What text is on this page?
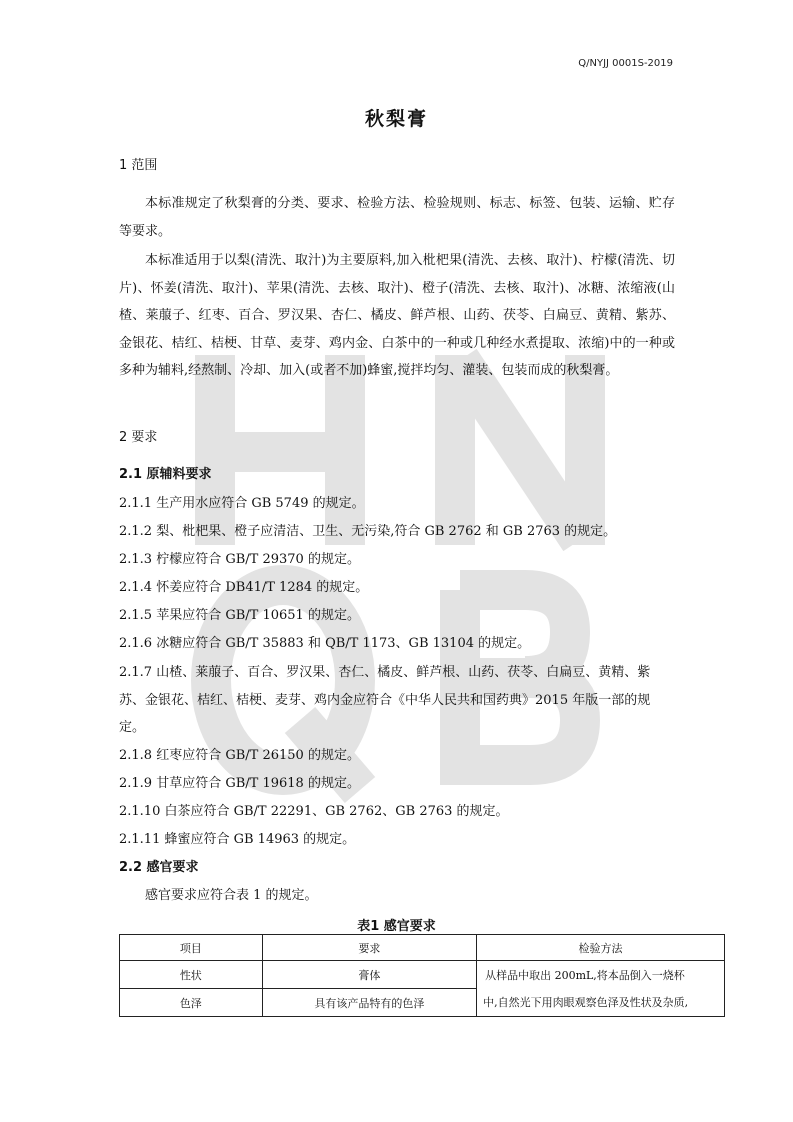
Q/NYJJ 0001S-2019
秋梨膏
1 范围
本标准规定了秋梨膏的分类、要求、检验方法、检验规则、标志、标签、包装、运输、贮存等要求。
本标准适用于以梨(清洗、取汁)为主要原料,加入枇杷果(清洗、去核、取汁)、柠檬(清洗、切片)、怀姜(清洗、取汁)、苹果(清洗、去核、取汁)、橙子(清洗、去核、取汁)、冰糖、浓缩液(山楂、莱菔子、红枣、百合、罗汉果、杏仁、橘皮、鲜芦根、山药、茯苓、白扁豆、黄精、紫苏、金银花、桔红、桔梗、甘草、麦芽、鸡内金、白茶中的一种或几种经水煮提取、浓缩)中的一种或多种为辅料,经熬制、冷却、加入(或者不加)蜂蜜,搅拌均匀、灌装、包装而成的秋梨膏。
2 要求
2.1 原辅料要求
2.1.1 生产用水应符合 GB 5749 的规定。
2.1.2 梨、枇杷果、橙子应清洁、卫生、无污染,符合 GB 2762 和 GB 2763 的规定。
2.1.3 柠檬应符合 GB/T 29370 的规定。
2.1.4 怀姜应符合 DB41/T 1284 的规定。
2.1.5 苹果应符合 GB/T 10651 的规定。
2.1.6 冰糖应符合 GB/T 35883 和 QB/T 1173、GB 13104 的规定。
2.1.7 山楂、莱菔子、百合、罗汉果、杏仁、橘皮、鲜芦根、山药、茯苓、白扁豆、黄精、紫苏、金银花、桔红、桔梗、麦芽、鸡内金应符合《中华人民共和国药典》2015 年版一部的规定。
2.1.8 红枣应符合 GB/T 26150 的规定。
2.1.9 甘草应符合 GB/T 19618 的规定。
2.1.10 白茶应符合 GB/T 22291、GB 2762、GB 2763 的规定。
2.1.11 蜂蜜应符合 GB 14963 的规定。
2.2 感官要求
感官要求应符合表 1 的规定。
表1 感官要求
项目	要求	检验方法
性状	膏体	从样品中取出 200mL,将本品倒入一烧杯
中,自然光下用肉眼观察色泽及性状及杂质,

色泽	具有该产品特有的色泽	
